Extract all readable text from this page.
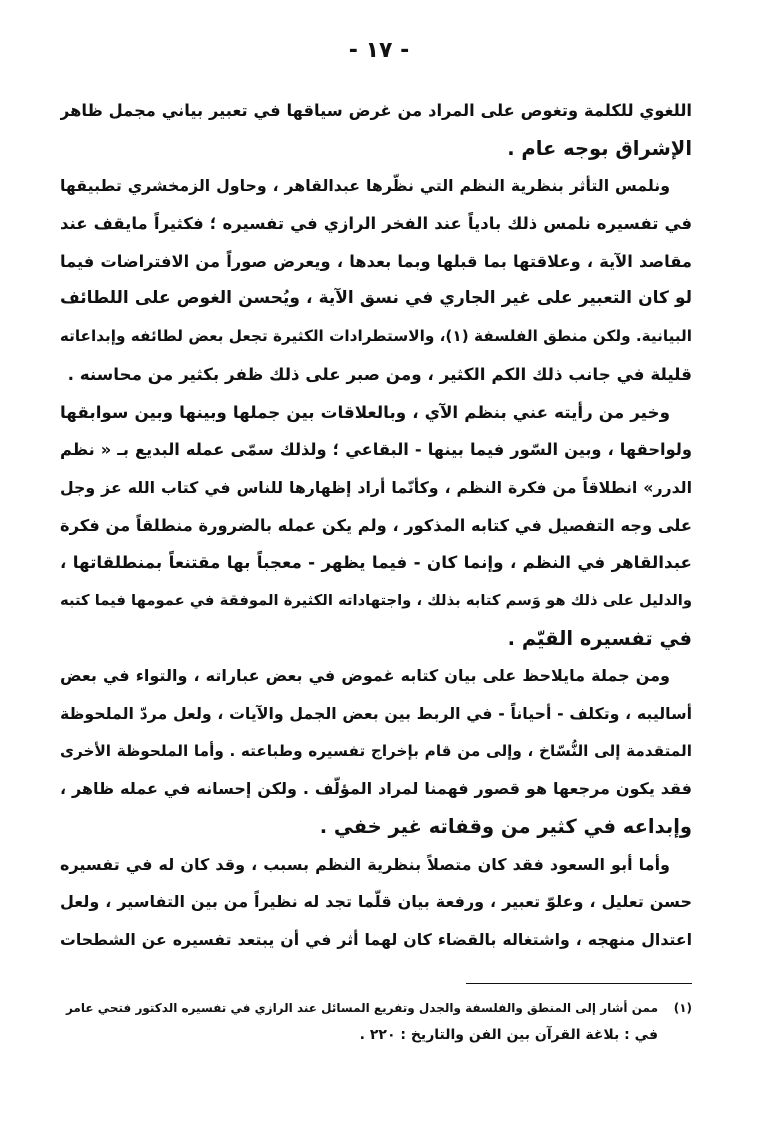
- ١٧ -
اللغوي للكلمة وتغوص على المراد من غرض سياقها في تعبير بياني مجمل ظاهر
الإشراق بوجه عام .
ونلمس التأثر بنظرية النظم التي نظّرها عبدالقاهر ، وحاول الزمخشري تطبيقها
في تفسيره نلمس ذلك بادياً عند الفخر الرازي في تفسيره ؛ فكثيراً مايقف عند
مقاصد الآية ، وعلاقتها بما قبلها وبما بعدها ، ويعرض صوراً من الافتراضات فيما
لو كان التعبير على غير الجاري في نسق الآية ، ويُحسن الغوص على اللطائف
البيانية. ولكن منطق الفلسفة (١)، والاستطرادات الكثيرة تجعل بعض لطائفه وإبداعاته
قليلة في جانب ذلك الكم الكثير ، ومن صبر على ذلك ظفر بكثير من محاسنه .
وخير من رأيته عني بنظم الآي ، وبالعلاقات بين جملها وبينها وبين سوابقها
ولواحقها ، وبين السّور فيما بينها - البقاعي ؛ ولذلك سمّى عمله البديع بـ « نظم
الدرر» انطلاقاً من فكرة النظم ، وكأنّما أراد إظهارها للناس في كتاب الله عز وجل
على وجه التفصيل في كتابه المذكور ، ولم يكن عمله بالضرورة منطلقاً من فكرة
عبدالقاهر في النظم ، وإنما كان - فيما يظهر - معجباً بها مقتنعاً بمنطلقاتها ،
والدليل على ذلك هو وَسم كتابه بذلك ، واجتهاداته الكثيرة الموفقة في عمومها فيما كتبه
في تفسيره القيّم .
ومن جملة مايلاحظ على بيان كتابه غموض في بعض عباراته ، والتواء في بعض
أساليبه ، وتكلف - أحياناً - في الربط بين بعض الجمل والآيات ، ولعل مردّ الملحوظة
المتقدمة إلى النُّسّاخ ، وإلى من قام بإخراج تفسيره وطباعته . وأما الملحوظة الأخرى
فقد يكون مرجعها هو قصور فهمنا لمراد المؤلّف . ولكن إحسانه في عمله ظاهر ،
وإبداعه في كثير من وقفاته غير خفي .
وأما أبو السعود فقد كان متصلاً بنظرية النظم بسبب ، وقد كان له في تفسيره
حسن تعليل ، وعلوّ تعبير ، ورفعة بيان قلّما تجد له نظيراً من بين التفاسير ، ولعل
اعتدال منهجه ، واشتغاله بالقضاء كان لهما أثر في أن يبتعد تفسيره عن الشطحات
(١)ممن أشار إلى المنطق والفلسفة والجدل وتفريع المسائل عند الرازي في تفسيره الدكتور فتحي عامر
في : بلاغة القرآن بين الفن والتاريخ : ٢٢٠ .
